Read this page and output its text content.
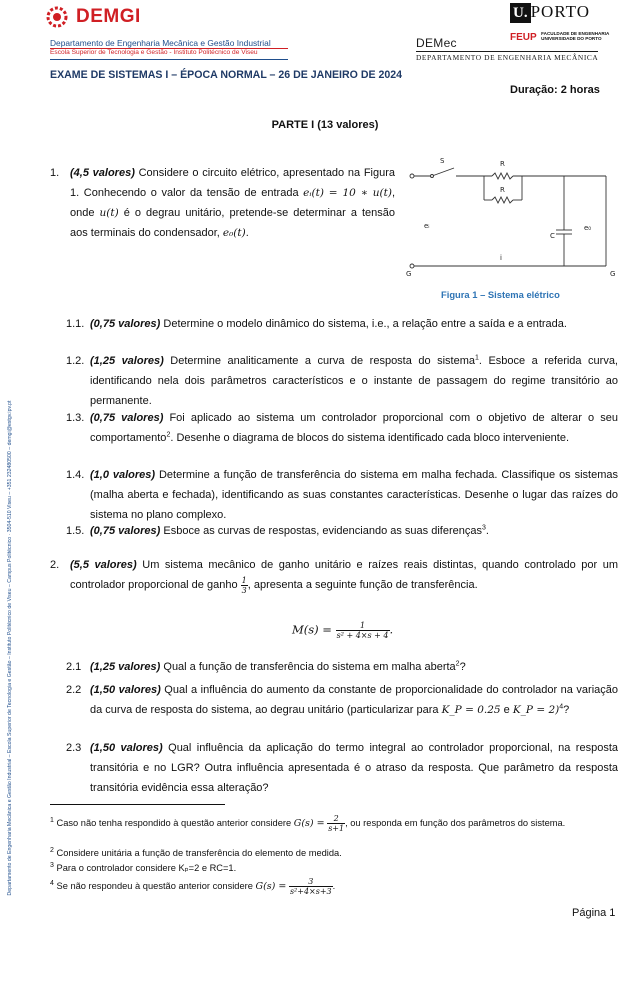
DEMGI
Departamento de Engenharia Mecânica e Gestão Industrial
Escola Superior de Tecnologia e Gestão - Instituto Politécnico de Viseu
U. PORTO
FEUP FACULDADE DE ENGENHARIA
UNIVERSIDADE DO PORTO
DEMec
DEPARTAMENTO DE ENGENHARIA MECÂNICA
Departamento de Engenharia Mecânica e Gestão Industrial – Escola Superior de Tecnologia e Gestão – Instituto Politécnico de Viseu – Campus Politécnico · 3504-510 Viseu – +351 232480500 – demgi@estgv.ipv.pt
EXAME DE SISTEMAS I – ÉPOCA NORMAL – 26 DE JANEIRO DE 2024
Duração: 2 horas
PARTE I (13 valores)
1. (4,5 valores) Considere o circuito elétrico, apresentado na Figura 1. Conhecendo o valor da tensão de entrada eᵢ(t) = 10 ∗ u(t), onde u(t) é o degrau unitário, pretende-se determinar a tensão aos terminais do condensador, e₀(t).
S	R
R
eᵢ
C
e₀
i
G	G
Figura 1 – Sistema elétrico
1.1. (0,75 valores) Determine o modelo dinâmico do sistema, i.e., a relação entre a saída e a entrada.
1.2. (1,25 valores) Determine analiticamente a curva de resposta do sistema$^1$. Esboce a referida curva, identificando nela dois parâmetros característicos e o instante de passagem do regime transitório ao permanente.
1.3. (0,75 valores) Foi aplicado ao sistema um controlador proporcional com o objetivo de alterar o seu comportamento$^2$. Desenhe o diagrama de blocos do sistema identificado cada bloco interveniente.
1.4. (1,0 valores) Determine a função de transferência do sistema em malha fechada. Classifique os sistemas (malha aberta e fechada), identificando as suas constantes características. Desenhe o lugar das raízes do sistema no plano complexo.
1.5. (0,75 valores) Esboce as curvas de respostas, evidenciando as suas diferenças$^3$.
2. (5,5 valores) Um sistema mecânico de ganho unitário e raízes reais distintas, quando controlado por um controlador proporcional de ganho $\frac{1}{3}$ , apresenta a seguinte função de transferência.
$M(s) = \frac{1}{\text{s² + 4×s + 4}}$ .
2.1 (1,25 valores) Qual a função de transferência do sistema em malha aberta$^2$?
2.2 (1,50 valores) Qual a influência do aumento da constante de proporcionalidade do controlador na variação da curva de resposta do sistema, ao degrau unitário (particularizar para K_P = 0.25 e K_P = 2)$^4$?
2.3 (1,50 valores) Qual influência da aplicação do termo integral ao controlador proporcional, na resposta transitória e no LGR? Outra influência apresentada é o atraso da resposta. Que parâmetro da resposta transitória evidência essa alteração?
$^1$ Caso não tenha respondido à questão anterior considere $G(s) = \frac{2}{s+1}$ , ou responda em função dos parâmetros do sistema.
$^2$ Considere unitária a função de transferência do elemento de medida.
$^3$ Para o controlador considere Kₚ=2 e RC=1.
$^4$ Se não respondeu à questão anterior considere $G(s) = \frac{3}{\text{s²+4×s+3}}$ .
Página 1
